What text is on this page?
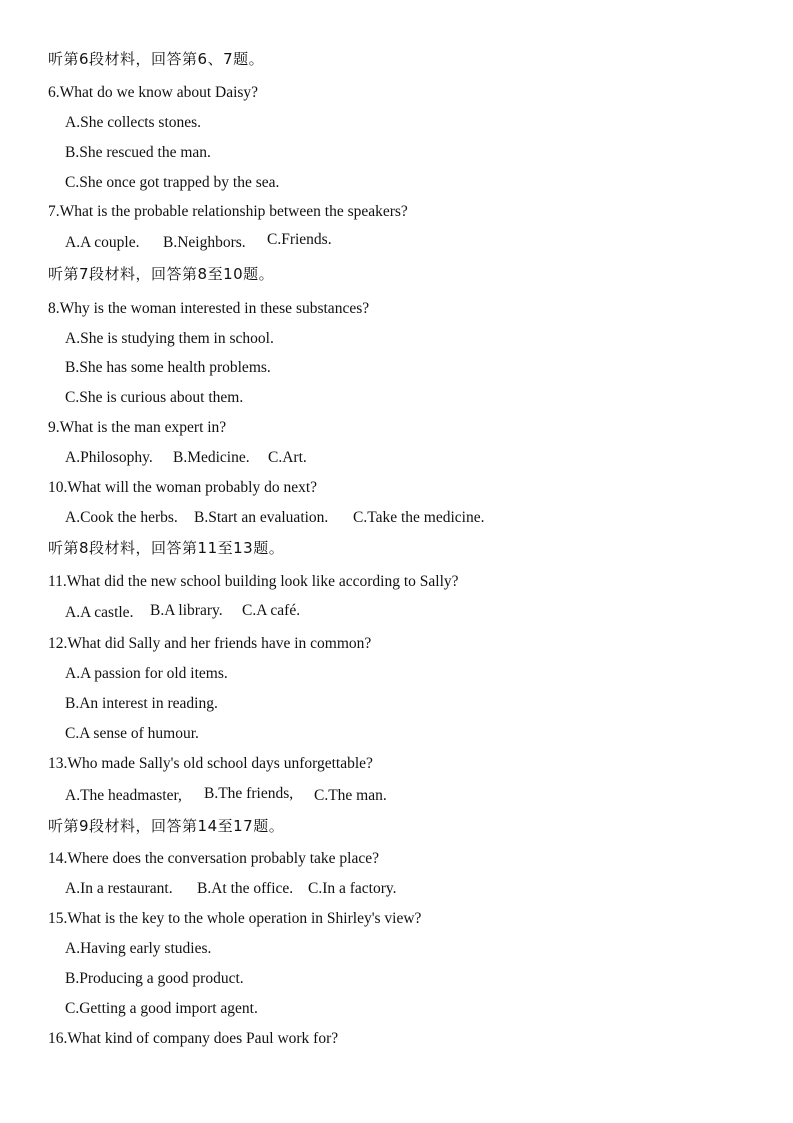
听第6段材料，回答第6、7题。
6.What do we know about Daisy?
A.She collects stones.
B.She rescued the man.
C.She once got trapped by the sea.
7.What is the probable relationship between the speakers?
A.A couple. B.Neighbors. C.Friends.
听第7段材料，回答第8至10题。
8.Why is the woman interested in these substances?
A.She is studying them in school.
B.She has some health problems.
C.She is curious about them.
9.What is the man expert in?
A.Philosophy. B.Medicine. C.Art.
10.What will the woman probably do next?
A.Cook the herbs. B.Start an evaluation. C.Take the medicine.
听第8段材料，回答第11至13题。
11.What did the new school building look like according to Sally?
A.A castle. B.A library. C.A café.
12.What did Sally and her friends have in common?
A.A passion for old items.
B.An interest in reading.
C.A sense of humour.
13.Who made Sally's old school days unforgettable?
A.The headmaster, B.The friends, C.The man.
听第9段材料，回答第14至17题。
14.Where does the conversation probably take place?
A.In a restaurant. B.At the office. C.In a factory.
15.What is the key to the whole operation in Shirley's view?
A.Having early studies.
B.Producing a good product.
C.Getting a good import agent.
16.What kind of company does Paul work for?
